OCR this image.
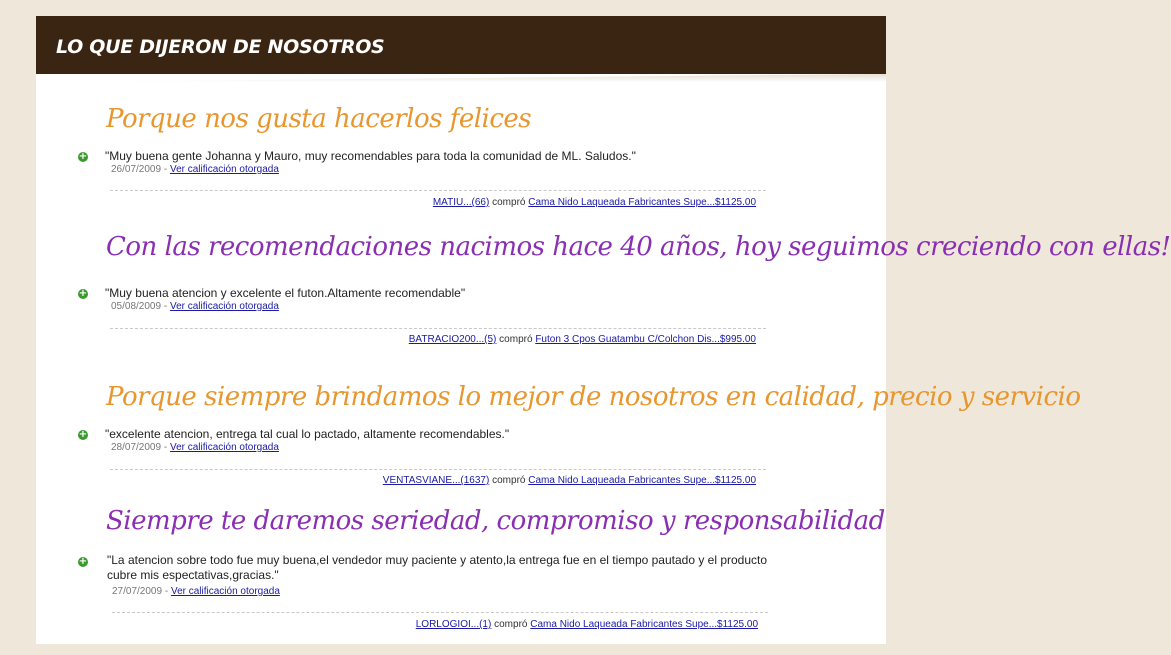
LO QUE DIJERON DE NOSOTROS
Porque nos gusta hacerlos felices
+ "Muy buena gente Johanna y Mauro, muy recomendables para toda la comunidad de ML. Saludos."
26/07/2009 - Ver calificación otorgada
MATIU...(66) compró Cama Nido Laqueada Fabricantes Supe...$1125.00
Con las recomendaciones nacimos hace 40 años, hoy seguimos creciendo con ellas!
+ "Muy buena atencion y excelente el futon.Altamente recomendable"
05/08/2009 - Ver calificación otorgada
BATRACIO200...(5) compró Futon 3 Cpos Guatambu C/Colchon Dis...$995.00
Porque siempre brindamos lo mejor de nosotros en calidad, precio y servicio
+ "excelente atencion, entrega tal cual lo pactado, altamente recomendables."
28/07/2009 - Ver calificación otorgada
VENTASVIANE...(1637) compró Cama Nido Laqueada Fabricantes Supe...$1125.00
Siempre te daremos seriedad, compromiso y responsabilidad
+ "La atencion sobre todo fue muy buena,el vendedor muy paciente y atento,la entrega fue en el tiempo pautado y el producto cubre mis espectativas,gracias."
27/07/2009 - Ver calificación otorgada
LORLOGIOI...(1) compró Cama Nido Laqueada Fabricantes Supe...$1125.00
